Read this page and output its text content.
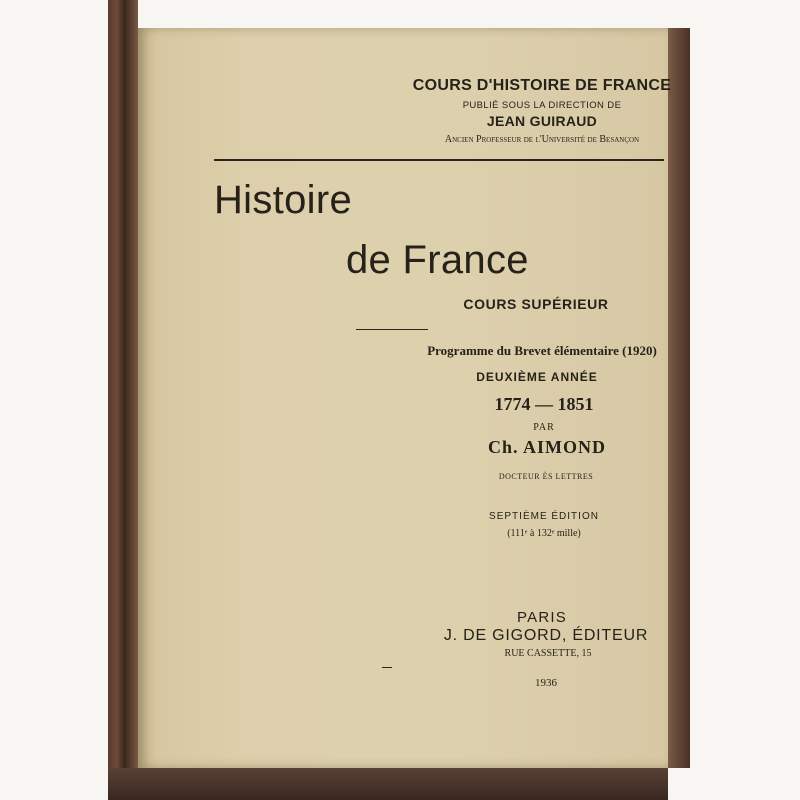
COURS D'HISTOIRE DE FRANCE
PUBLIÉ SOUS LA DIRECTION DE
JEAN GUIRAUD
Ancien Professeur de l'Université de Besançon
Histoire
de France
COURS SUPÉRIEUR
Programme du Brevet élémentaire (1920)
DEUXIÈME ANNÉE
1774 — 1851
PAR
Ch. AIMOND
DOCTEUR ÈS LETTRES
SEPTIÈME ÉDITION
(111ᵉ à 132ᵉ mille)
PARIS
J. DE GIGORD, ÉDITEUR
RUE CASSETTE, 15
1936
